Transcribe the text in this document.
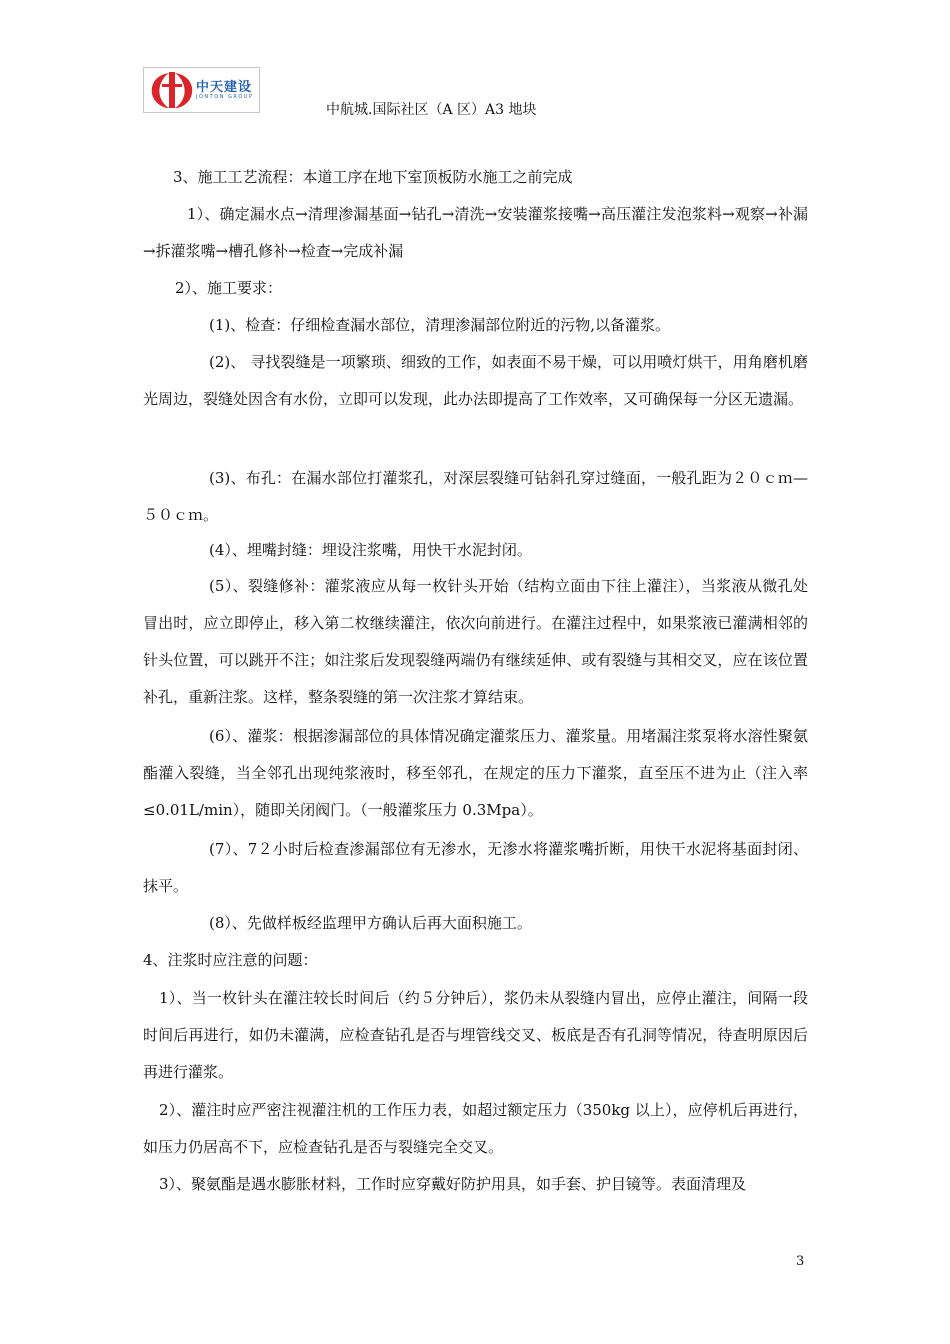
中天建设
JONTON GROUP
中航城.国际社区（A 区）A3 地块

3、施工工艺流程：本道工序在地下室顶板防水施工之前完成

1）、确定漏水点→清理渗漏基面→钻孔→清洗→安装灌浆接嘴→高压灌注发泡浆料→观察→补漏→拆灌浆嘴→槽孔修补→检查→完成补漏

2）、施工要求：

(1)、检查：仔细检查漏水部位，清理渗漏部位附近的污物,以备灌浆。

(2)、 寻找裂缝是一项繁琐、细致的工作，如表面不易干燥，可以用喷灯烘干，用角磨机磨光周边，裂缝处因含有水份，立即可以发现，此办法即提高了工作效率，又可确保每一分区无遗漏。

(3)、布孔：在漏水部位打灌浆孔，对深层裂缝可钻斜孔穿过缝面，一般孔距为２０ｃｍ—５０ｃｍ。

(4）、埋嘴封缝：埋设注浆嘴，用快干水泥封闭。

(5）、裂缝修补：灌浆液应从每一枚针头开始（结构立面由下往上灌注），当浆液从微孔处冒出时，应立即停止，移入第二枚继续灌注，依次向前进行。在灌注过程中，如果浆液已灌满相邻的针头位置，可以跳开不注；如注浆后发现裂缝两端仍有继续延伸、或有裂缝与其相交叉，应在该位置补孔，重新注浆。这样，整条裂缝的第一次注浆才算结束。

(6）、灌浆：根据渗漏部位的具体情况确定灌浆压力、灌浆量。用堵漏注浆泵将水溶性聚氨酯灌入裂缝，当全邻孔出现纯浆液时，移至邻孔，在规定的压力下灌浆，直至压不进为止（注入率≤0.01L/min），随即关闭阀门。（一般灌浆压力 0.3Mpa）。

(7）、7２小时后检查渗漏部位有无渗水，无渗水将灌浆嘴折断，用快干水泥将基面封闭、抹平。

(8）、先做样板经监理甲方确认后再大面积施工。

4、注浆时应注意的问题：

1）、当一枚针头在灌注较长时间后（约５分钟后），浆仍未从裂缝内冒出，应停止灌注，间隔一段时间后再进行，如仍未灌满，应检查钻孔是否与埋管线交叉、板底是否有孔洞等情况，待查明原因后再进行灌浆。

2）、灌注时应严密注视灌注机的工作压力表，如超过额定压力（350kg 以上），应停机后再进行，如压力仍居高不下，应检查钻孔是否与裂缝完全交叉。

3）、聚氨酯是遇水膨胀材料，工作时应穿戴好防护用具，如手套、护目镜等。表面清理及

3
